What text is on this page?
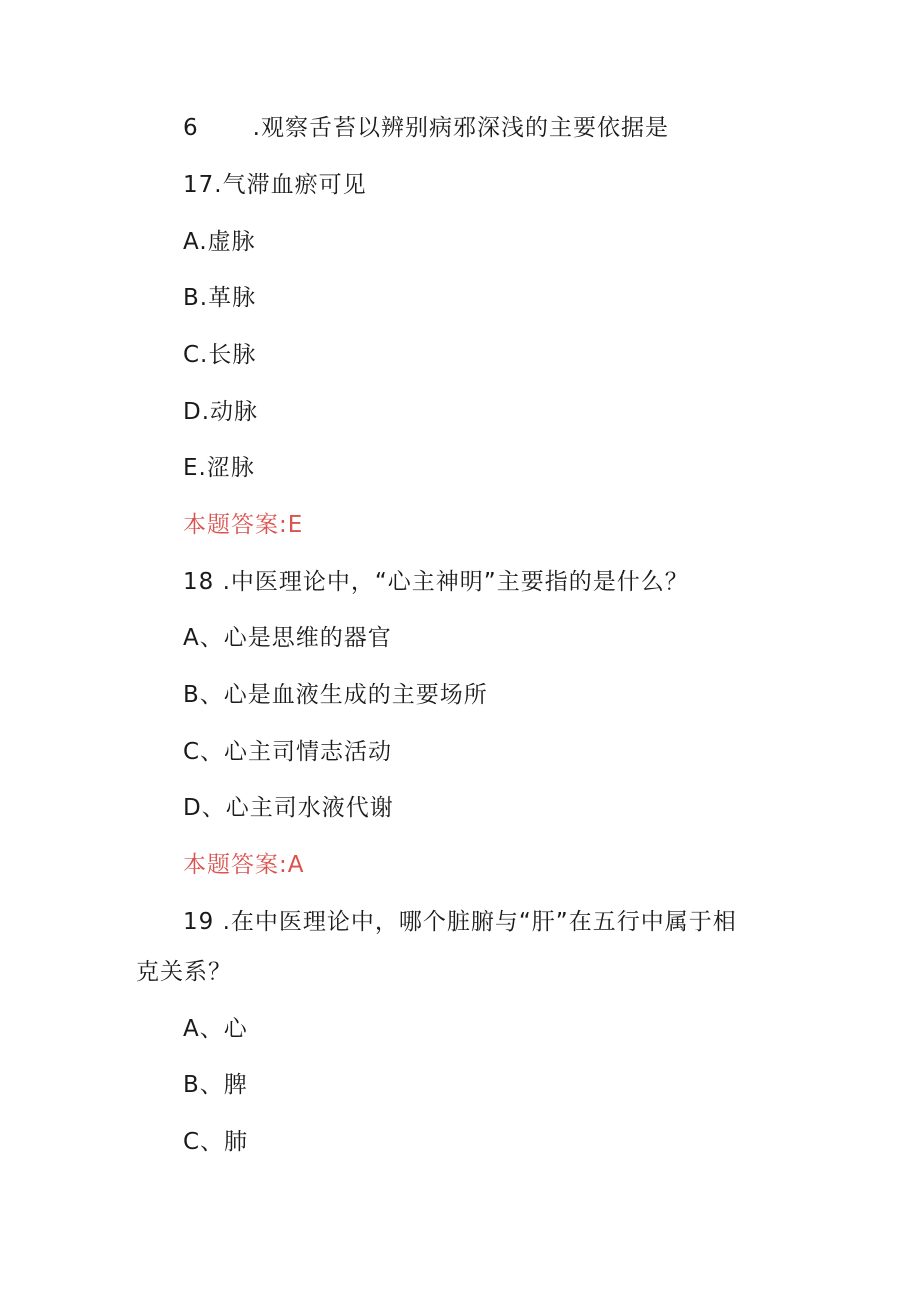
6 .观察舌苔以辨别病邪深浅的主要依据是
17.气滞血瘀可见
A.虚脉
B.革脉
C.长脉
D.动脉
E.涩脉
本题答案:E
18 .中医理论中，“心主神明”主要指的是什么？
A、心是思维的器官
B、心是血液生成的主要场所
C、心主司情志活动
D、心主司水液代谢
本题答案:A
19 .在中医理论中，哪个脏腑与“肝”在五行中属于相
克关系？
A、心
B、脾
C、肺
